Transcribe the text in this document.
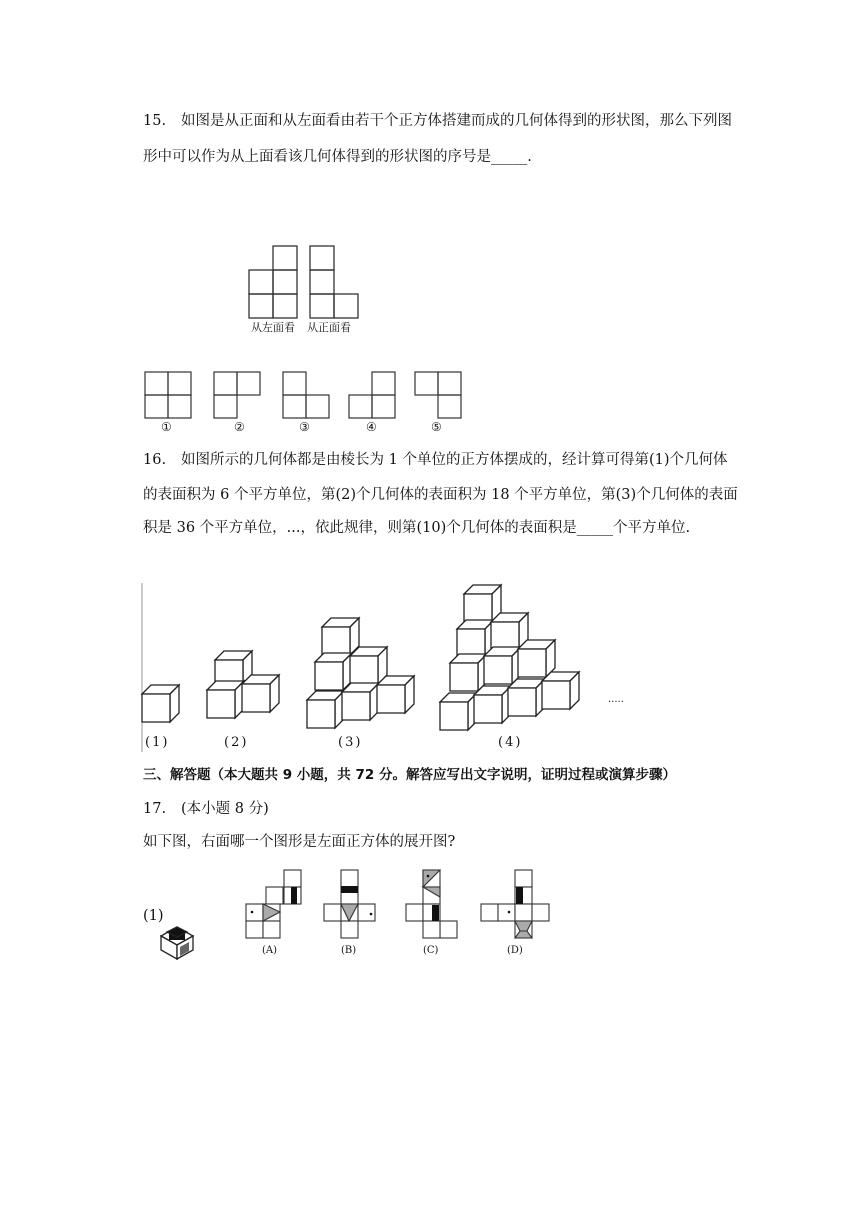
15. 如图是从正面和从左面看由若干个正方体搭建而成的几何体得到的形状图，那么下列图
形中可以作为从上面看该几何体得到的形状图的序号是_____.
从左面看 从正面看
①	②	③	④	⑤
16. 如图所示的几何体都是由棱长为 1 个单位的正方体摆成的，经计算可得第(1)个几何体
的表面积为 6 个平方单位，第(2)个几何体的表面积为 18 个平方单位，第(3)个几何体的表面
积是 36 个平方单位，...，依此规律，则第(10)个几何体的表面积是_____个平方单位.
(1)	(2)	(3)	(4)
.....
三、解答题（本大题共 9 小题，共 72 分。解答应写出文字说明，证明过程或演算步骤）
17. (本小题 8 分)
如下图，右面哪一个图形是左面正方体的展开图?
(1)
(A)	(B)	(C)	(D)
